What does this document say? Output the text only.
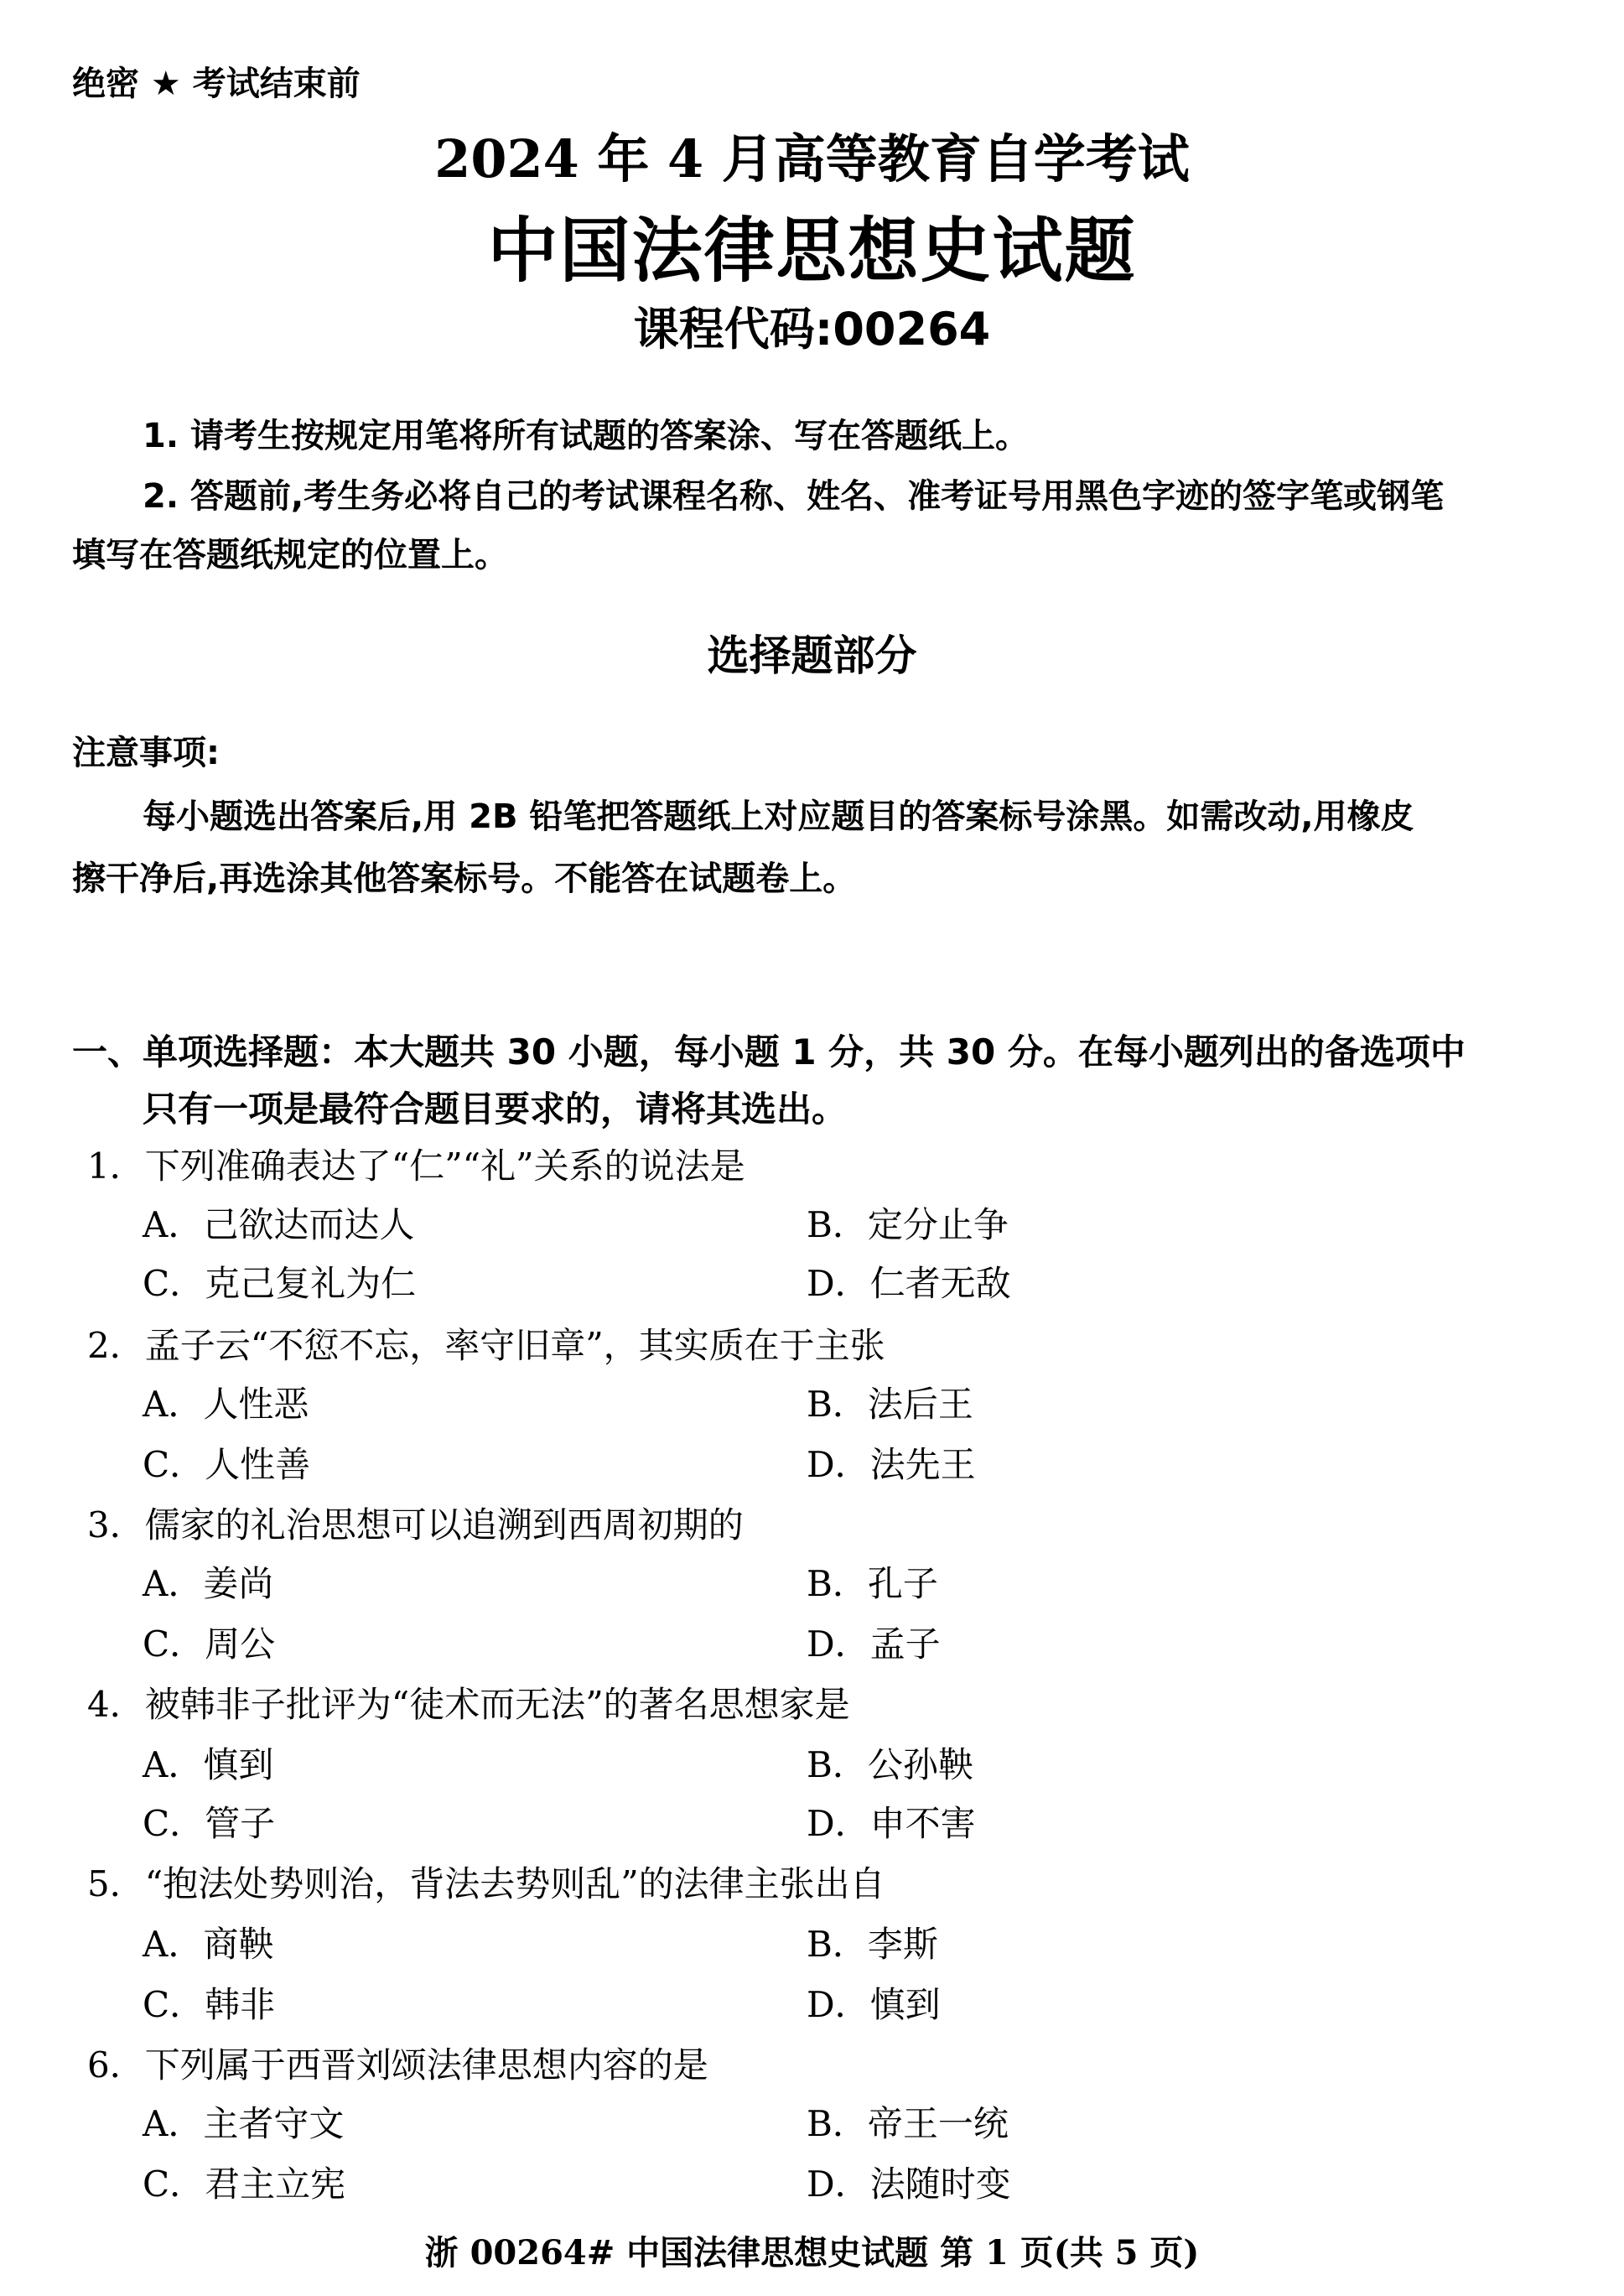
绝密 ★ 考试结束前
2024 年 4 月高等教育自学考试
中国法律思想史试题
课程代码:00264
1. 请考生按规定用笔将所有试题的答案涂、写在答题纸上。
2. 答题前,考生务必将自己的考试课程名称、姓名、准考证号用黑色字迹的签字笔或钢笔
填写在答题纸规定的位置上。
选择题部分
注意事项:
每小题选出答案后,用 2B 铅笔把答题纸上对应题目的答案标号涂黑。如需改动,用橡皮
擦干净后,再选涂其他答案标号。不能答在试题卷上。
一、单项选择题：本大题共 30 小题，每小题 1 分，共 30 分。在每小题列出的备选项中
只有一项是最符合题目要求的，请将其选出。
1．下列准确表达了“仁”“礼”关系的说法是
A．己欲达而达人	B．定分止争
C．克己复礼为仁	D．仁者无敌
2．孟子云“不愆不忘，率守旧章”，其实质在于主张
A．人性恶	B．法后王
C．人性善	D．法先王
3．儒家的礼治思想可以追溯到西周初期的
A．姜尚	B．孔子
C．周公	D．孟子
4．被韩非子批评为“徒术而无法”的著名思想家是
A．慎到	B．公孙鞅
C．管子	D．申不害
5．“抱法处势则治，背法去势则乱”的法律主张出自
A．商鞅	B．李斯
C．韩非	D．慎到
6．下列属于西晋刘颂法律思想内容的是
A．主者守文	B．帝王一统
C．君主立宪	D．法随时变
浙 00264# 中国法律思想史试题 第 1 页(共 5 页)
